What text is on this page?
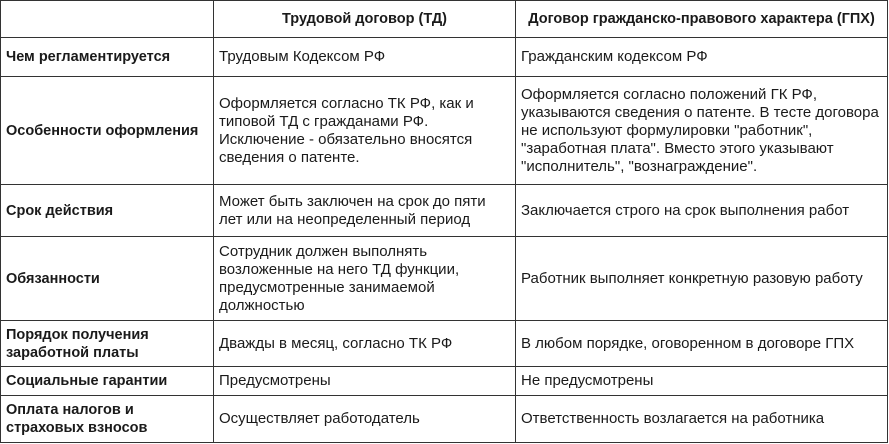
	Трудовой договор (ТД)	Договор гражданско-правового характера (ГПХ)
Чем регламентируется	Трудовым Кодексом РФ	Гражданским кодексом РФ
Особенности оформления	Оформляется согласно ТК РФ, как и типовой ТД с гражданами РФ. Исключение - обязательно вносятся сведения о патенте.	Оформляется согласно положений ГК РФ, указываются сведения о патенте. В тесте договора не используют формулировки "работник", "заработная плата". Вместо этого указывают "исполнитель", "вознаграждение".
Срок действия	Может быть заключен на срок до пяти лет или на неопределенный период	Заключается строго на срок выполнения работ
Обязанности	Сотрудник должен выполнять возложенные на него ТД функции, предусмотренные занимаемой должностью	Работник выполняет конкретную разовую работу
Порядок получения заработной платы	Дважды в месяц, согласно ТК РФ	В любом порядке, оговоренном в договоре ГПХ
Социальные гарантии	Предусмотрены	Не предусмотрены
Оплата налогов и страховых взносов	Осуществляет работодатель	Ответственность возлагается на работника
